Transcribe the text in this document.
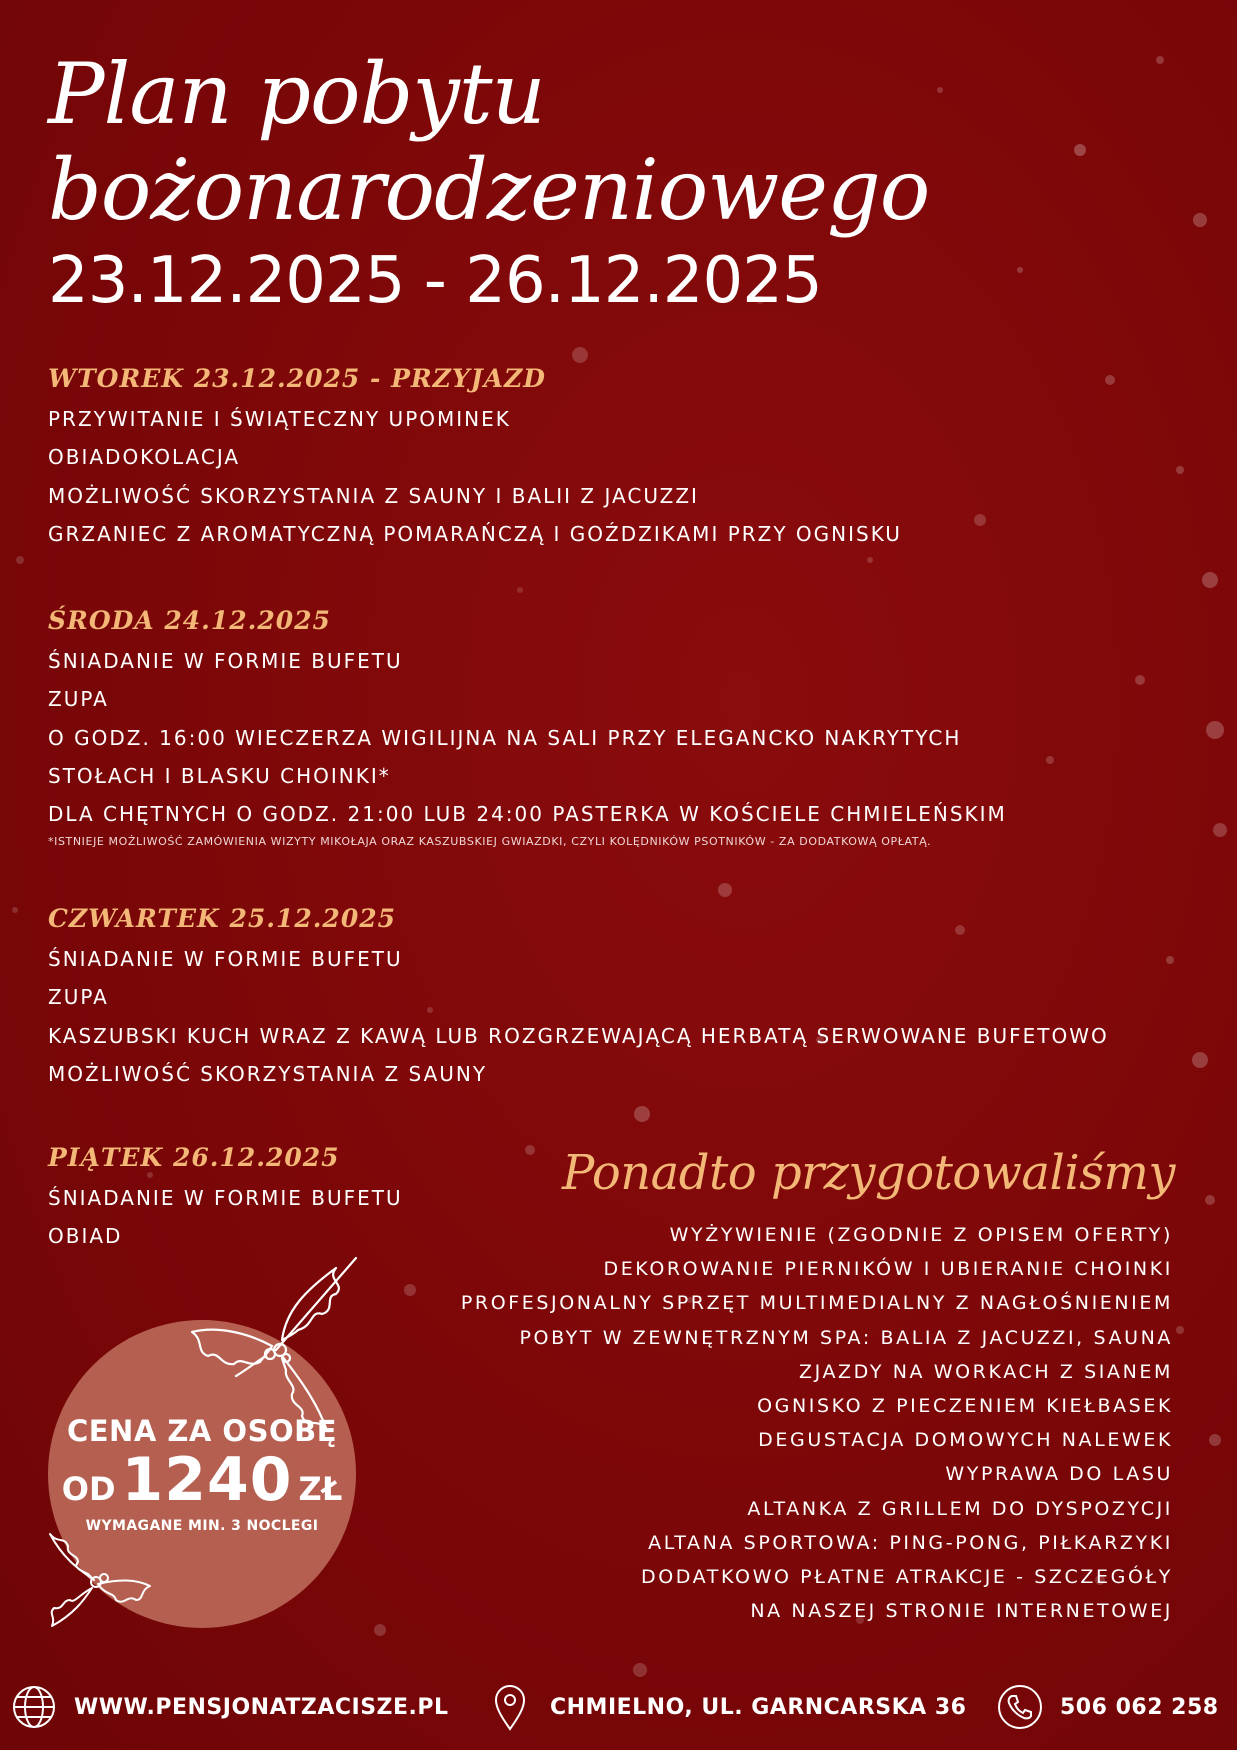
Plan pobytu
bożonarodzeniowego
23.12.2025 - 26.12.2025
WTOREK 23.12.2025 - PRZYJAZD
PRZYWITANIE I ŚWIĄTECZNY UPOMINEK
OBIADOKOLACJA
MOŻLIWOŚĆ SKORZYSTANIA Z SAUNY I BALII Z JACUZZI
GRZANIEC Z AROMATYCZNĄ POMARAŃCZĄ I GOŹDZIKAMI PRZY OGNISKU
ŚRODA 24.12.2025
ŚNIADANIE W FORMIE BUFETU
ZUPA
O GODZ. 16:00 WIECZERZA WIGILIJNA NA SALI PRZY ELEGANCKO NAKRYTYCH
STOŁACH I BLASKU CHOINKI*
DLA CHĘTNYCH O GODZ. 21:00 LUB 24:00 PASTERKA W KOŚCIELE CHMIELEŃSKIM
*ISTNIEJE MOŻLIWOŚĆ ZAMÓWIENIA WIZYTY MIKOŁAJA ORAZ KASZUBSKIEJ GWIAZDKI, CZYLI KOLĘDNIKÓW PSOTNIKÓW - ZA DODATKOWĄ OPŁATĄ.
CZWARTEK 25.12.2025
ŚNIADANIE W FORMIE BUFETU
ZUPA
KASZUBSKI KUCH WRAZ Z KAWĄ LUB ROZGRZEWAJĄCĄ HERBATĄ SERWOWANE BUFETOWO
MOŻLIWOŚĆ SKORZYSTANIA Z SAUNY
PIĄTEK 26.12.2025
ŚNIADANIE W FORMIE BUFETU
OBIAD
Ponadto przygotowaliśmy
WYŻYWIENIE (ZGODNIE Z OPISEM OFERTY)
DEKOROWANIE PIERNIKÓW I UBIERANIE CHOINKI
PROFESJONALNY SPRZĘT MULTIMEDIALNY Z NAGŁOŚNIENIEM
POBYT W ZEWNĘTRZNYM SPA: BALIA Z JACUZZI, SAUNA
ZJAZDY NA WORKACH Z SIANEM
OGNISKO Z PIECZENIEM KIEŁBASEK
DEGUSTACJA DOMOWYCH NALEWEK
WYPRAWA DO LASU
ALTANKA Z GRILLEM DO DYSPOZYCJI
ALTANA SPORTOWA: PING-PONG, PIŁKARZYKI
DODATKOWO PŁATNE ATRAKCJE - SZCZEGÓŁY
NA NASZEJ STRONIE INTERNETOWEJ
CENA ZA OSOBĘ
OD 1240 ZŁ
WYMAGANE MIN. 3 NOCLEGI
WWW.PENSJONATZACISZE.PL	CHMIELNO, UL. GARNCARSKA 36	506 062 258
